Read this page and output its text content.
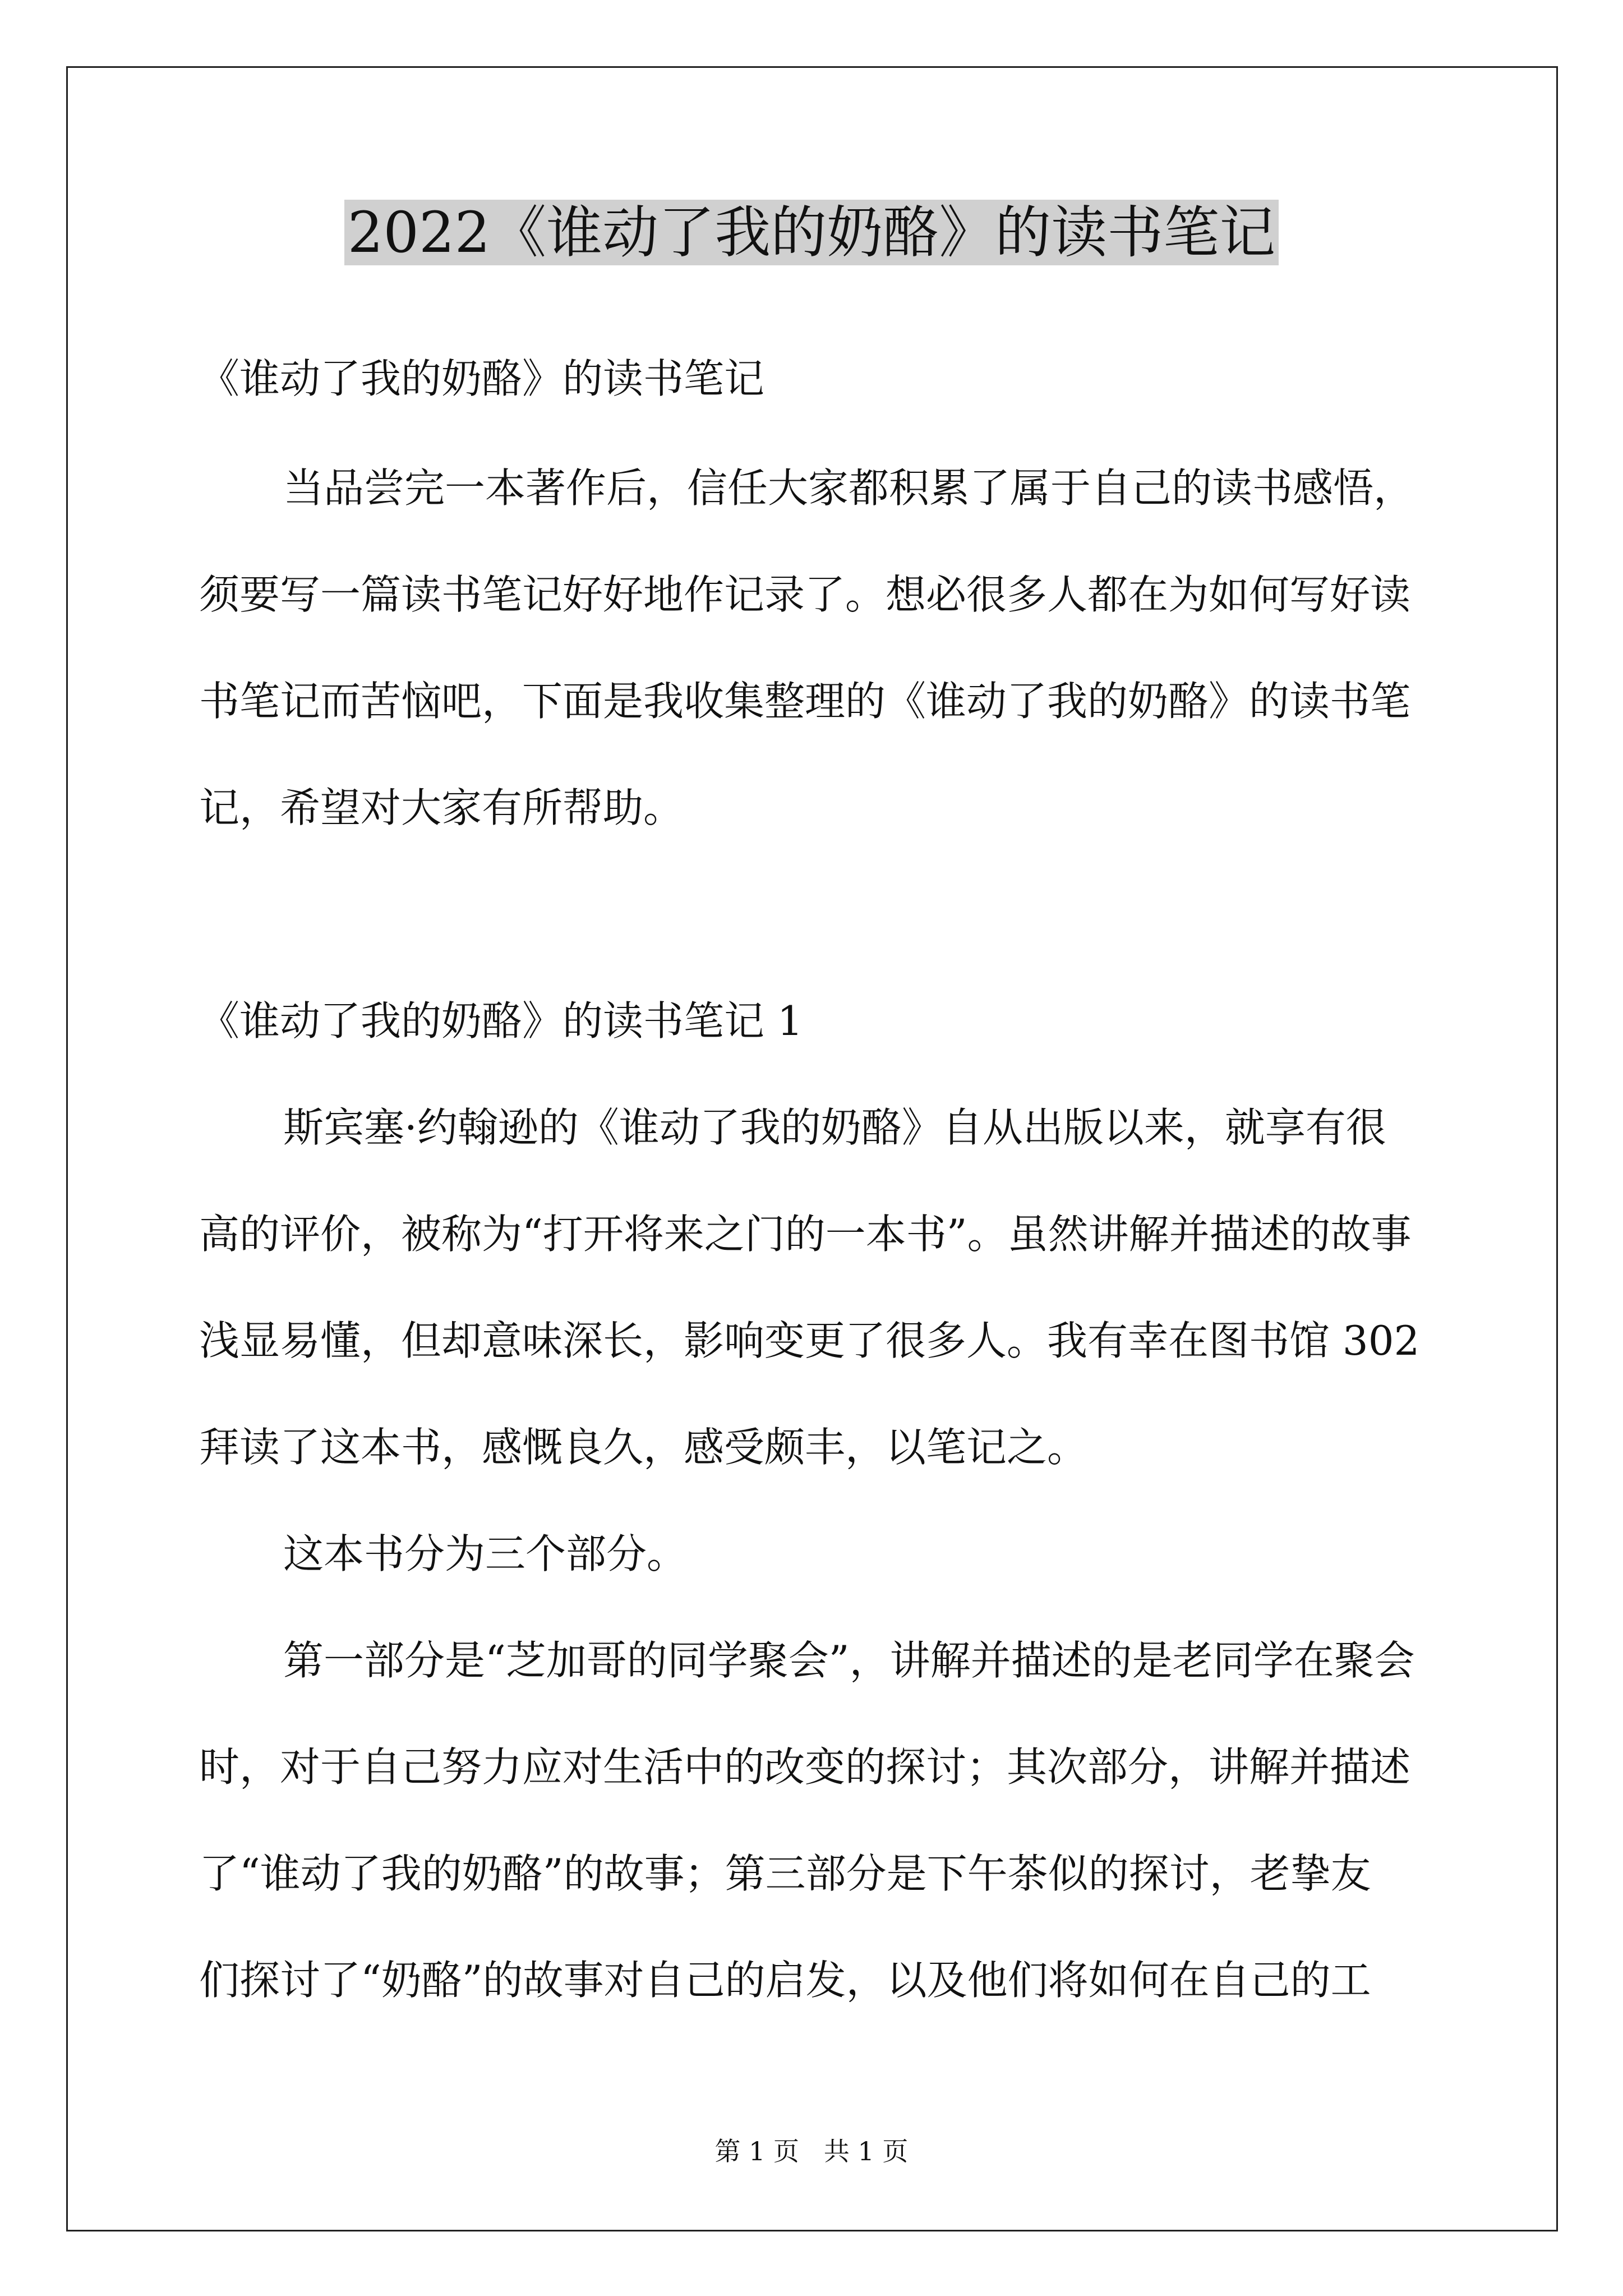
2022《谁动了我的奶酪》的读书笔记
《谁动了我的奶酪》的读书笔记
当品尝完一本著作后，信任大家都积累了属于自己的读书感悟，
须要写一篇读书笔记好好地作记录了。想必很多人都在为如何写好读
书笔记而苦恼吧，下面是我收集整理的《谁动了我的奶酪》的读书笔
记，希望对大家有所帮助。
《谁动了我的奶酪》的读书笔记 1
斯宾塞·约翰逊的《谁动了我的奶酪》自从出版以来，就享有很
高的评价，被称为“打开将来之门的一本书”。虽然讲解并描述的故事
浅显易懂，但却意味深长，影响变更了很多人。我有幸在图书馆 302
拜读了这本书，感慨良久，感受颇丰，以笔记之。
这本书分为三个部分。
第一部分是“芝加哥的同学聚会”，讲解并描述的是老同学在聚会
时，对于自己努力应对生活中的改变的探讨；其次部分，讲解并描述
了“谁动了我的奶酪”的故事；第三部分是下午茶似的探讨，老挚友
们探讨了“奶酪”的故事对自己的启发，以及他们将如何在自己的工
第 1 页   共 1 页
